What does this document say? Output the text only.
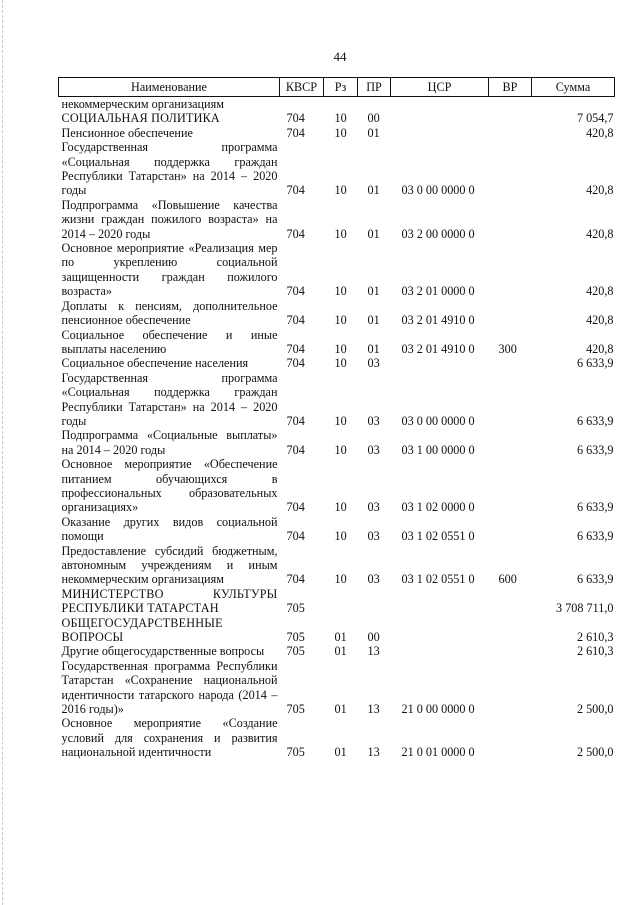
44
Наименование	КВСР	Рз	ПР	ЦСР	ВР	Сумма
некоммерческим организациям						
СОЦИАЛЬНАЯ ПОЛИТИКА	704	10	00			7 054,7
Пенсионное обеспечение	704	10	01			420,8
Государственная программа «Социальная поддержка граждан Республики Татарстан» на 2014 – 2020 годы	704	10	01	03 0 00 0000 0		420,8
Подпрограмма «Повышение качества жизни граждан пожилого возраста» на 2014 – 2020 годы	704	10	01	03 2 00 0000 0		420,8
Основное мероприятие «Реализация мер по укреплению социальной защищенности граждан пожилого возраста»	704	10	01	03 2 01 0000 0		420,8
Доплаты к пенсиям, дополнительное пенсионное обеспечение	704	10	01	03 2 01 4910 0		420,8
Социальное обеспечение и иные выплаты населению	704	10	01	03 2 01 4910 0	300	420,8
Социальное обеспечение населения	704	10	03			6 633,9
Государственная программа «Социальная поддержка граждан Республики Татарстан» на 2014 – 2020 годы	704	10	03	03 0 00 0000 0		6 633,9
Подпрограмма «Социальные выплаты» на 2014 – 2020 годы	704	10	03	03 1 00 0000 0		6 633,9
Основное мероприятие «Обеспечение питанием обучающихся в профессиональных образовательных организациях»	704	10	03	03 1 02 0000 0		6 633,9
Оказание других видов социальной помощи	704	10	03	03 1 02 0551 0		6 633,9
Предоставление субсидий бюджетным, автономным учреждениям и иным некоммерческим организациям	704	10	03	03 1 02 0551 0	600	6 633,9
МИНИСТЕРСТВО КУЛЬТУРЫ РЕСПУБЛИКИ ТАТАРСТАН	705					3 708 711,0
ОБЩЕГОСУДАРСТВЕННЫЕ ВОПРОСЫ	705	01	00			2 610,3
Другие общегосударственные вопросы	705	01	13			2 610,3
Государственная программа Республики Татарстан «Сохранение национальной идентичности татарского народа (2014 – 2016 годы)»	705	01	13	21 0 00 0000 0		2 500,0
Основное мероприятие «Создание условий для сохранения и развития национальной идентичности	705	01	13	21 0 01 0000 0		2 500,0
